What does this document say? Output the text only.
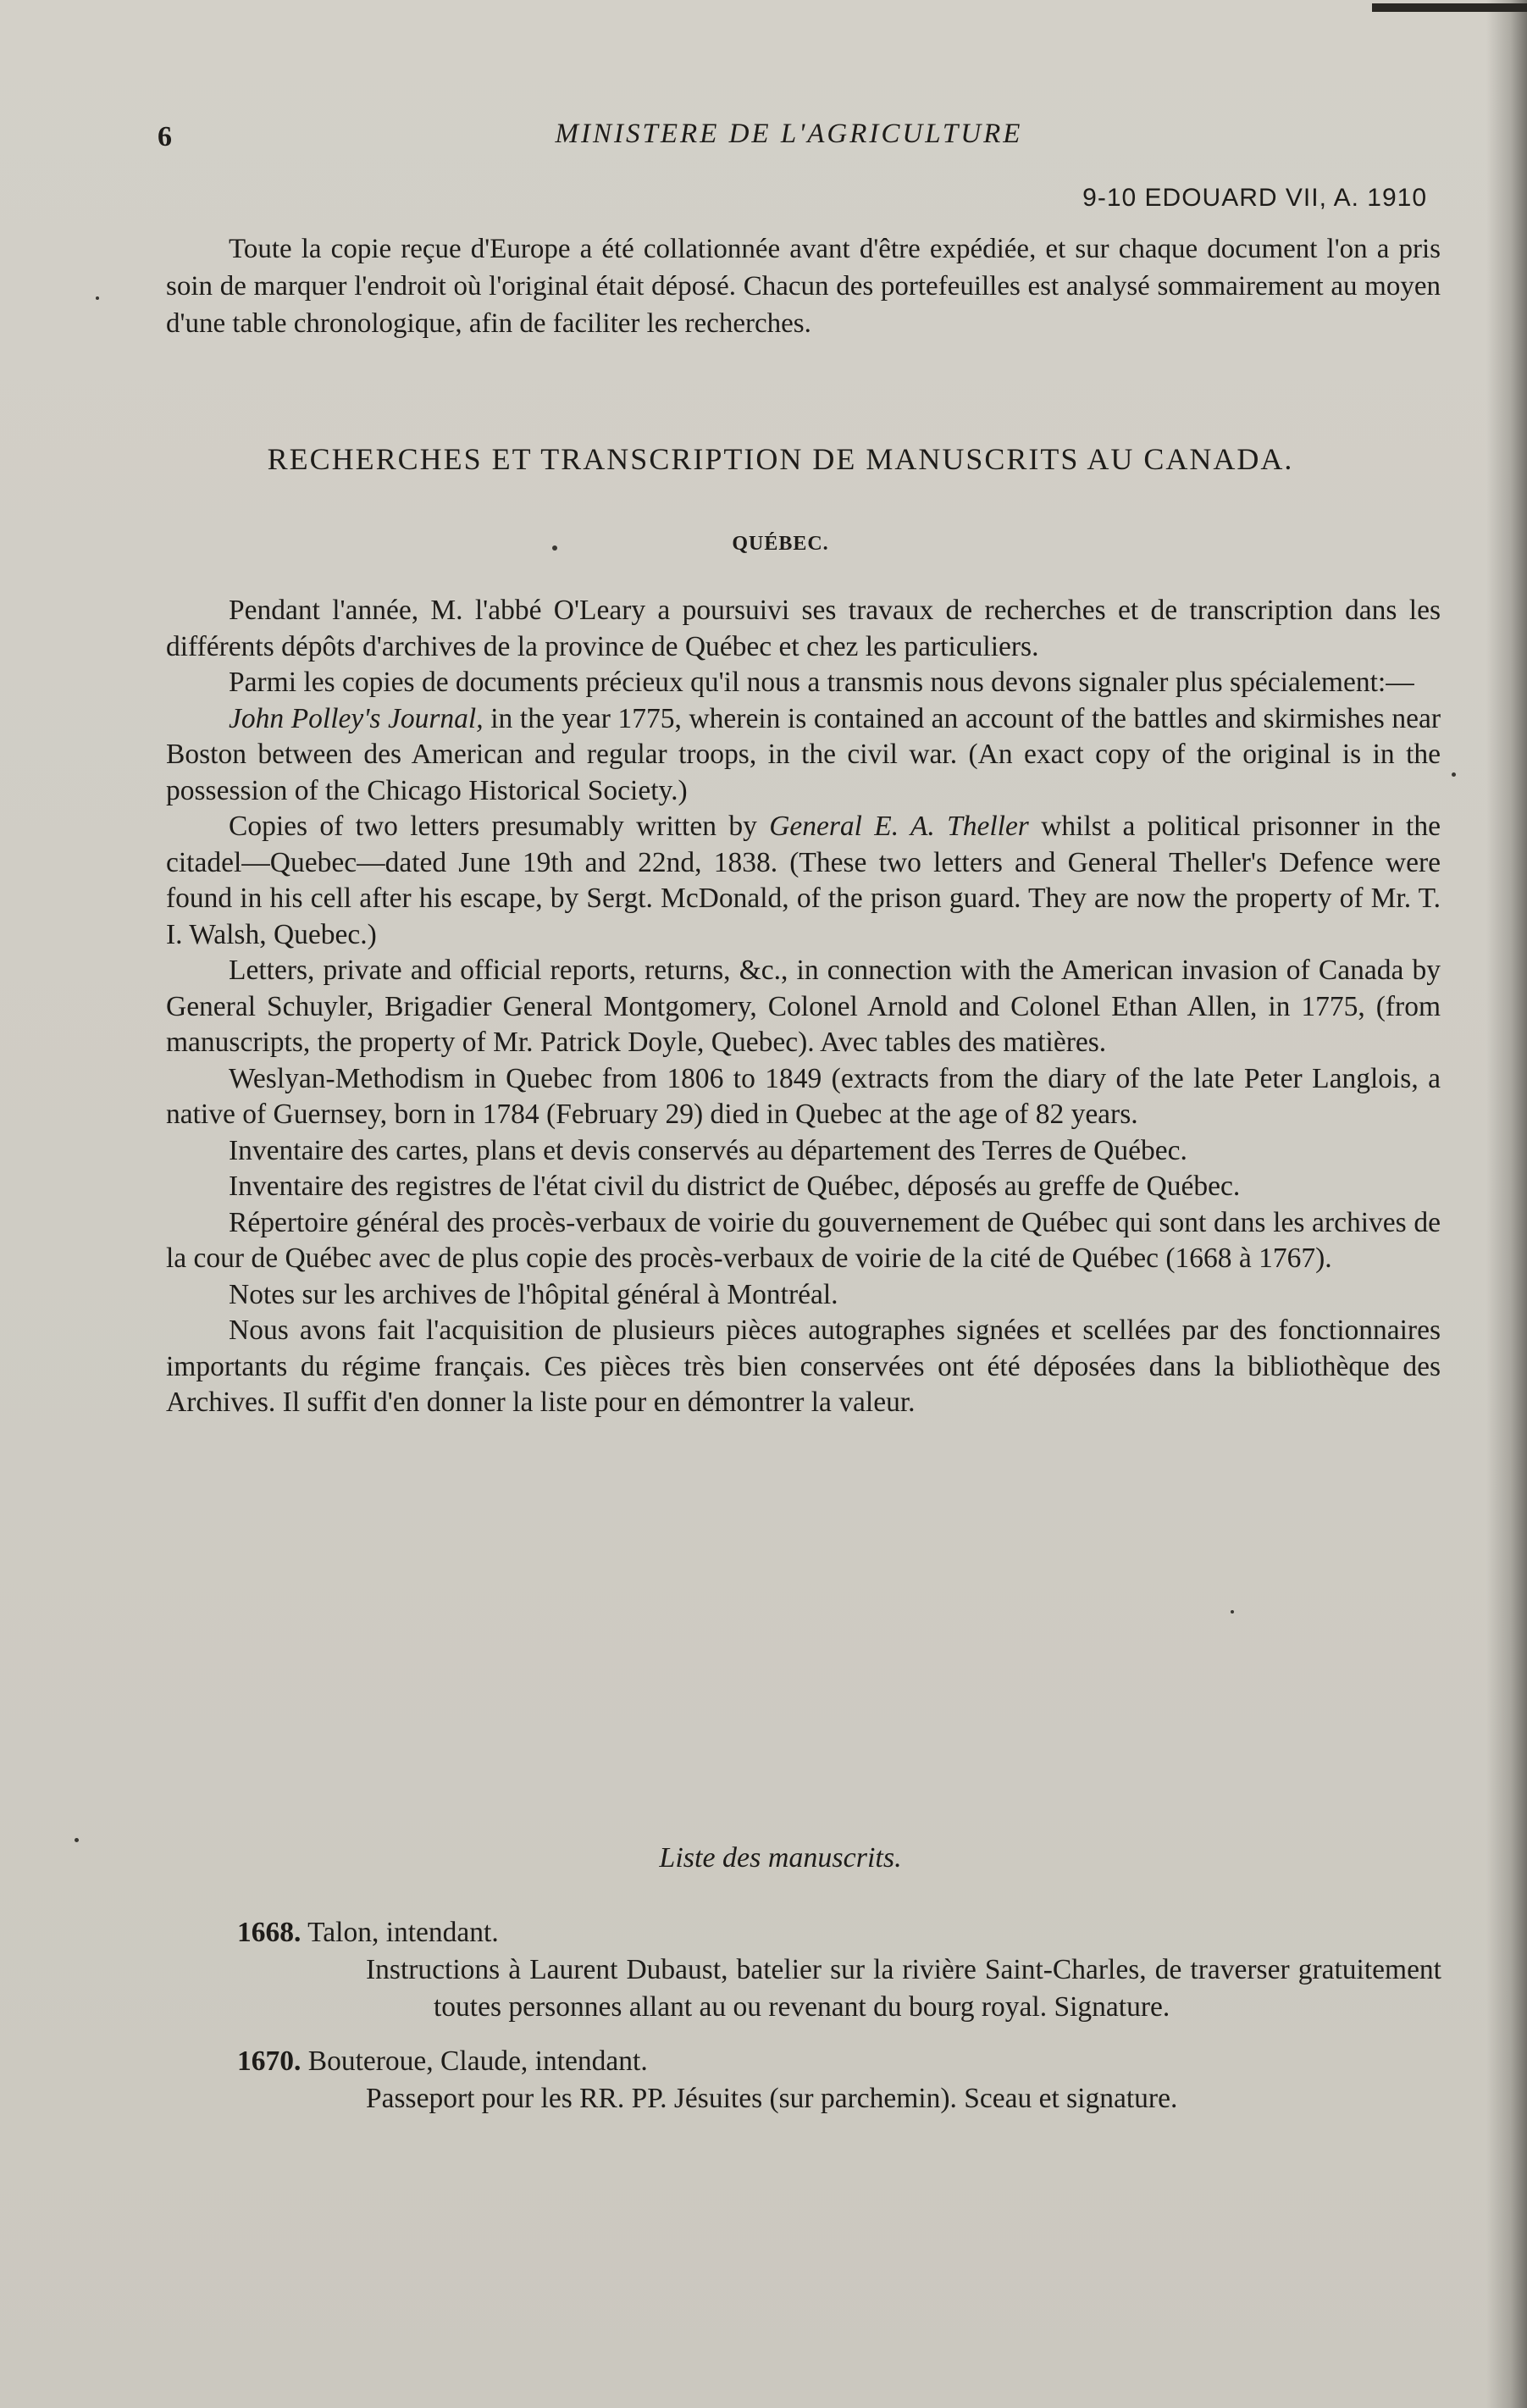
6	MINISTERE DE L'AGRICULTURE
9-10 EDOUARD VII, A. 1910

Toute la copie reçue d'Europe a été collationnée avant d'être expédiée, et sur chaque document l'on a pris soin de marquer l'endroit où l'original était déposé. Chacun des portefeuilles est analysé sommairement au moyen d'une table chronologique, afin de faciliter les recherches.

RECHERCHES ET TRANSCRIPTION DE MANUSCRITS AU CANADA.
QUÉBEC.

Pendant l'année, M. l'abbé O'Leary a poursuivi ses travaux de recherches et de transcription dans les différents dépôts d'archives de la province de Québec et chez les particuliers.

Parmi les copies de documents précieux qu'il nous a transmis nous devons signaler plus spécialement:—

John Polley's Journal, in the year 1775, wherein is contained an account of the battles and skirmishes near Boston between des American and regular troops, in the civil war. (An exact copy of the original is in the possession of the Chicago Historical Society.)

Copies of two letters presumably written by General E. A. Theller whilst a political prisonner in the citadel—Quebec—dated June 19th and 22nd, 1838. (These two letters and General Theller's Defence were found in his cell after his escape, by Sergt. McDonald, of the prison guard. They are now the property of Mr. T. I. Walsh, Quebec.)

Letters, private and official reports, returns, &c., in connection with the American invasion of Canada by General Schuyler, Brigadier General Montgomery, Colonel Arnold and Colonel Ethan Allen, in 1775, (from manuscripts, the property of Mr. Patrick Doyle, Quebec). Avec tables des matières.

Weslyan-Methodism in Quebec from 1806 to 1849 (extracts from the diary of the late Peter Langlois, a native of Guernsey, born in 1784 (February 29) died in Quebec at the age of 82 years.

Inventaire des cartes, plans et devis conservés au département des Terres de Québec.

Inventaire des registres de l'état civil du district de Québec, déposés au greffe de Québec.

Répertoire général des procès-verbaux de voirie du gouvernement de Québec qui sont dans les archives de la cour de Québec avec de plus copie des procès-verbaux de voirie de la cité de Québec (1668 à 1767).

Notes sur les archives de l'hôpital général à Montréal.

Nous avons fait l'acquisition de plusieurs pièces autographes signées et scellées par des fonctionnaires importants du régime français. Ces pièces très bien conservées ont été déposées dans la bibliothèque des Archives. Il suffit d'en donner la liste pour en démontrer la valeur.

Liste des manuscrits.
1668. Talon, intendant.
Instructions à Laurent Dubaust, batelier sur la rivière Saint-Charles, de traverser gratuitement toutes personnes allant au ou revenant du bourg royal. Signature.
1670. Bouteroue, Claude, intendant.
Passeport pour les RR. PP. Jésuites (sur parchemin). Sceau et signature.
